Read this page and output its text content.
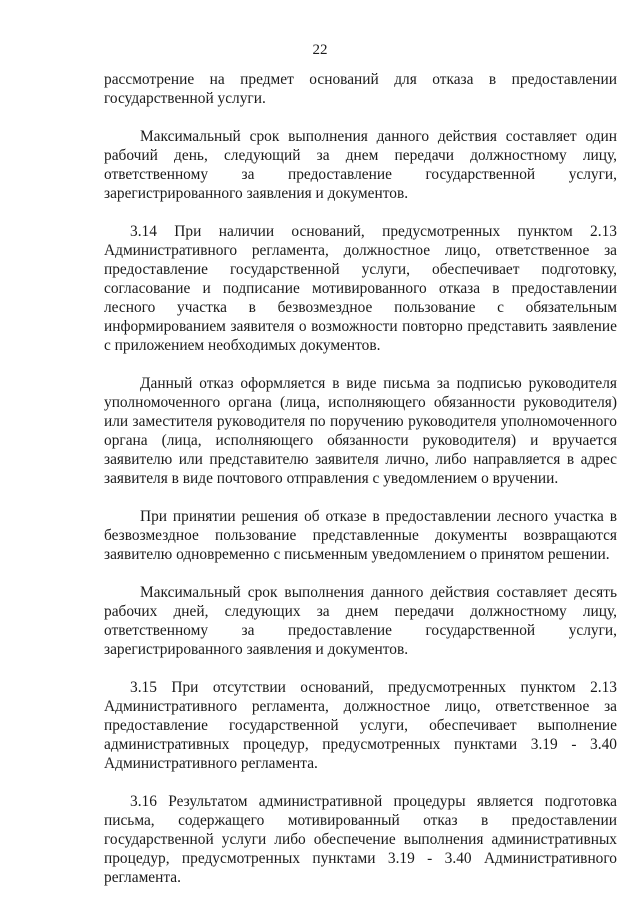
22

рассмотрение на предмет оснований для отказа в предоставлении государственной услуги.

Максимальный срок выполнения данного действия составляет один рабочий день, следующий за днем передачи должностному лицу, ответственному за предоставление государственной услуги, зарегистрированного заявления и документов.

3.14 При наличии оснований, предусмотренных пунктом 2.13 Административного регламента, должностное лицо, ответственное за предоставление государственной услуги, обеспечивает подготовку, согласование и подписание мотивированного отказа в предоставлении лесного участка в безвозмездное пользование с обязательным информированием заявителя о возможности повторно представить заявление с приложением необходимых документов.

Данный отказ оформляется в виде письма за подписью руководителя уполномоченного органа (лица, исполняющего обязанности руководителя) или заместителя руководителя по поручению руководителя уполномоченного органа (лица, исполняющего обязанности руководителя) и вручается заявителю или представителю заявителя лично, либо направляется в адрес заявителя в виде почтового отправления с уведомлением о вручении.

При принятии решения об отказе в предоставлении лесного участка в безвозмездное пользование представленные документы возвращаются заявителю одновременно с письменным уведомлением о принятом решении.

Максимальный срок выполнения данного действия составляет десять рабочих дней, следующих за днем передачи должностному лицу, ответственному за предоставление государственной услуги, зарегистрированного заявления и документов.

3.15 При отсутствии оснований, предусмотренных пунктом 2.13 Административного регламента, должностное лицо, ответственное за предоставление государственной услуги, обеспечивает выполнение административных процедур, предусмотренных пунктами 3.19 - 3.40 Административного регламента.

3.16 Результатом административной процедуры является подготовка письма, содержащего мотивированный отказ в предоставлении государственной услуги либо обеспечение выполнения административных процедур, предусмотренных пунктами 3.19 - 3.40 Административного регламента.
